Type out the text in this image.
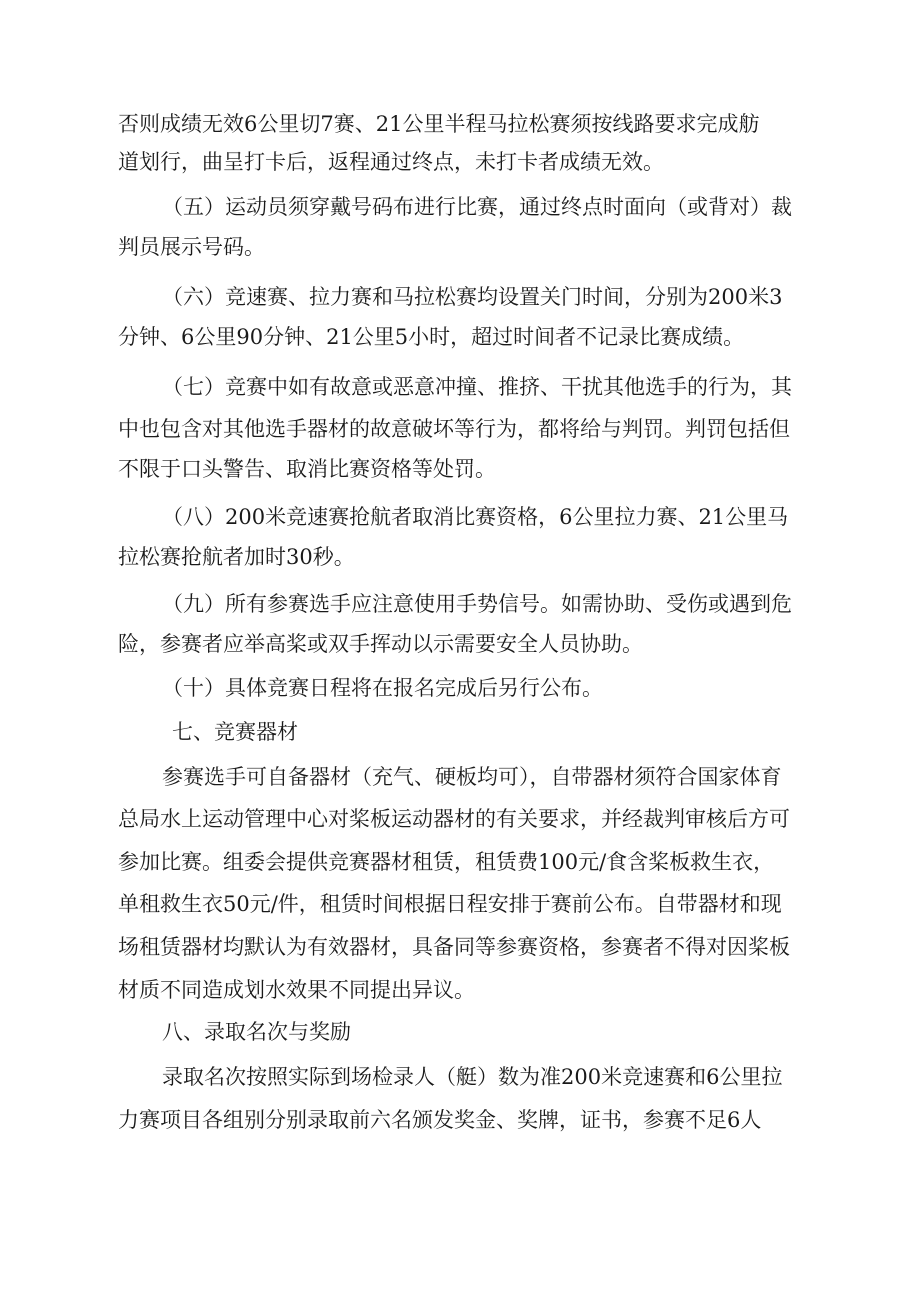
否则成绩无效6公里切7赛、21公里半程马拉松赛须按线路要求完成舫
道划行，曲呈打卡后，返程通过终点，未打卡者成绩无效。
（五）运动员须穿戴号码布进行比赛，通过终点时面向（或背对）裁
判员展示号码。
（六）竞速赛、拉力赛和马拉松赛均设置关门时间，分别为200米3
分钟、6公里90分钟、21公里5小时，超过时间者不记录比赛成绩。
（七）竞赛中如有故意或恶意冲撞、推挤、干扰其他选手的行为，其
中也包含对其他选手器材的故意破坏等行为，都将给与判罚。判罚包括但
不限于口头警告、取消比赛资格等处罚。
（八）200米竞速赛抢航者取消比赛资格，6公里拉力赛、21公里马
拉松赛抢航者加时30秒。
（九）所有参赛选手应注意使用手势信号。如需协助、受伤或遇到危
险，参赛者应举高桨或双手挥动以示需要安全人员协助。
（十）具体竞赛日程将在报名完成后另行公布。
七、竞赛器材
参赛选手可自备器材（充气、硬板均可），自带器材须符合国家体育
总局水上运动管理中心对桨板运动器材的有关要求，并经裁判审核后方可
参加比赛。组委会提供竞赛器材租赁，租赁费100元/食含桨板救生衣，
单租救生衣50元/件，租赁时间根据日程安排于赛前公布。自带器材和现
场租赁器材均默认为有效器材，具备同等参赛资格，参赛者不得对因桨板
材质不同造成划水效果不同提出异议。
八、录取名次与奖励
录取名次按照实际到场检录人（艇）数为准200米竞速赛和6公里拉
力赛项目各组别分别录取前六名颁发奖金、奖牌，证书，参赛不足6人
